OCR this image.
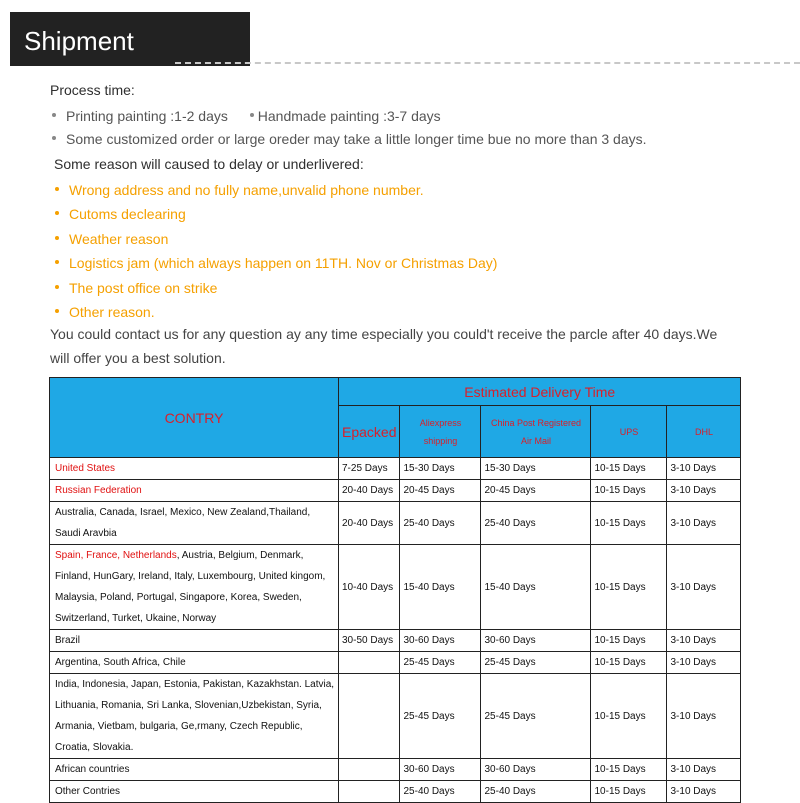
Shipment
Process time:
Printing painting :1-2 days Handmade painting :3-7 days
Some customized order or large oreder may take a little longer time bue no more than 3 days.
Some reason will caused to delay or underlivered:
Wrong address and no fully name,unvalid phone number.
Cutoms declearing
Weather reason
Logistics jam (which always happen on 11TH. Nov or Christmas Day)
The post office on strike
Other reason.
You could contact us for any question ay any time especially you could't receive the parcle after 40 days.We
will offer you a best solution.
CONTRY	Estimated Delivery Time				
	Epacked	Aliexpress shipping	China Post Registered Air Mail	UPS	DHL
United States	7-25 Days	15-30 Days	15-30 Days	10-15 Days	3-10 Days
Russian Federation	20-40 Days	20-45 Days	20-45 Days	10-15 Days	3-10 Days
Australia, Canada, Israel, Mexico, New Zealand,Thailand, Saudi Aravbia	20-40 Days	25-40 Days	25-40 Days	10-15 Days	3-10 Days
Spain, France, Netherlands, Austria, Belgium, Denmark, Finland, HunGary, Ireland, Italy, Luxembourg, United kingom, Malaysia, Poland, Portugal, Singapore, Korea, Sweden, Switzerland, Turket, Ukaine, Norway	10-40 Days	15-40 Days	15-40 Days	10-15 Days	3-10 Days
Brazil	30-50 Days	30-60 Days	30-60 Days	10-15 Days	3-10 Days
Argentina, South Africa, Chile		25-45 Days	25-45 Days	10-15 Days	3-10 Days
India, Indonesia, Japan, Estonia, Pakistan, Kazakhstan. Latvia, Lithuania, Romania, Sri Lanka, Slovenian,Uzbekistan, Syria, Armania, Vietbam, bulgaria, Ge,rmany, Czech Republic, Croatia, Slovakia.		25-45 Days	25-45 Days	10-15 Days	3-10 Days
African countries		30-60 Days	30-60 Days	10-15 Days	3-10 Days
Other Contries		25-40 Days	25-40 Days	10-15 Days	3-10 Days
